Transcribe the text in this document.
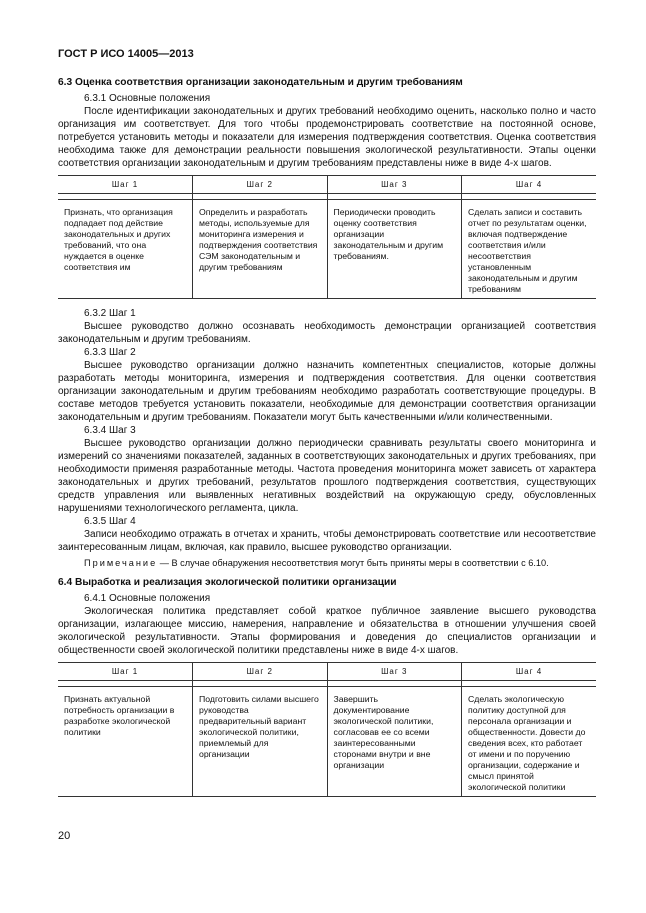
ГОСТ Р ИСО 14005—2013
6.3 Оценка соответствия организации законодательным и другим требованиям

6.3.1 Основные положения

После идентификации законодательных и других требований необходимо оценить, насколько полно и часто организация им соответствует. Для того чтобы продемонстрировать соответствие на постоянной основе, потребуется установить методы и показатели для измерения подтверждения соответствия. Оценка соответствия необходима также для демонстрации реальности повышения экологической результативности. Этапы оценки соответствия организации законодательным и другим требованиям представлены ниже в виде 4-х шагов.

Шаг 1	Шаг 2	Шаг 3	Шаг 4

Признать, что организация подпадает под действие законодательных и других требований, что она нуждается в оценке соответствия им	Определить и разработать методы, используемые для мониторинга измерения и подтверждения соответствия СЭМ законодательным и другим требованиям	Периодически проводить оценку соответствия организации законодательным и другим требованиям.	Сделать записи и составить отчет по результатам оценки, включая подтверждение соответствия и/или несоответствия установленным законодательным и другим требованиям

6.3.2 Шаг 1

Высшее руководство должно осознавать необходимость демонстрации организацией соответствия законодательным и другим требованиям.

6.3.3 Шаг 2

Высшее руководство организации должно назначить компетентных специалистов, которые должны разработать методы мониторинга, измерения и подтверждения соответствия. Для оценки соответствия организации законодательным и другим требованиям необходимо разработать соответствующие процедуры. В составе методов требуется установить показатели, необходимые для демонстрации соответствия организации законодательным и другим требованиям. Показатели могут быть качественными и/или количественными.

6.3.4 Шаг 3

Высшее руководство организации должно периодически сравнивать результаты своего мониторинга и измерений со значениями показателей, заданных в соответствующих законодательных и других требованиях, при необходимости применяя разработанные методы. Частота проведения мониторинга может зависеть от характера законодательных и других требований, результатов прошлого подтверждения соответствия, существующих средств управления или выявленных негативных воздействий на окружающую среду, обусловленных нарушениями технологического регламента, цикла.

6.3.5 Шаг 4

Записи необходимо отражать в отчетах и хранить, чтобы демонстрировать соответствие или несоответствие заинтересованным лицам, включая, как правило, высшее руководство организации.

Примечание — В случае обнаружения несоответствия могут быть приняты меры в соответствии с 6.10.

6.4 Выработка и реализация экологической политики организации

6.4.1 Основные положения

Экологическая политика представляет собой краткое публичное заявление высшего руководства организации, излагающее миссию, намерения, направление и обязательства в отношении улучшения своей экологической результативности. Этапы формирования и доведения до специалистов организации и общественности своей экологической политики представлены ниже в виде 4-х шагов.

Шаг 1	Шаг 2	Шаг 3	Шаг 4

Признать актуальной потребность организации в разработке экологической политики	Подготовить силами высшего руководства предварительный вариант экологической политики, приемлемый для организации	Завершить документирование экологической политики, согласовав ее со всеми заинтересованными сторонами внутри и вне организации	Сделать экологическую политику доступной для персонала организации и общественности. Довести до сведения всех, кто работает от имени и по поручению организации, содержание и смысл принятой экологической политики
20
